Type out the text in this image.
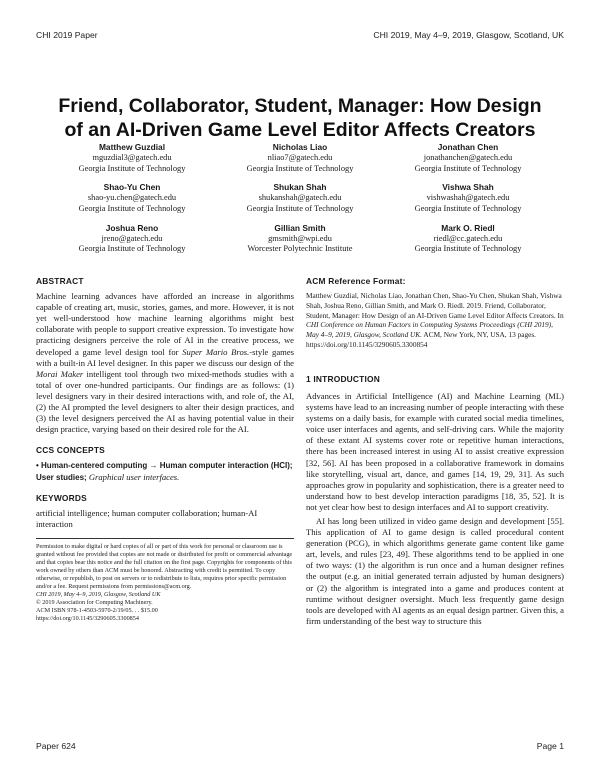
CHI 2019 Paper	CHI 2019, May 4–9, 2019, Glasgow, Scotland, UK
Friend, Collaborator, Student, Manager: How Design
of an AI-Driven Game Level Editor Affects Creators
Matthew Guzdial
mguzdial3@gatech.edu
Georgia Institute of Technology
Nicholas Liao
nliao7@gatech.edu
Georgia Institute of Technology
Jonathan Chen
jonathanchen@gatech.edu
Georgia Institute of Technology
Shao-Yu Chen
shao-yu.chen@gatech.edu
Georgia Institute of Technology
Shukan Shah
shukanshah@gatech.edu
Georgia Institute of Technology
Vishwa Shah
vishwashah@gatech.edu
Georgia Institute of Technology
Joshua Reno
jreno@gatech.edu
Georgia Institute of Technology
Gillian Smith
gmsmith@wpi.edu
Worcester Polytechnic Institute
Mark O. Riedl
riedl@cc.gatech.edu
Georgia Institute of Technology
ABSTRACT

Machine learning advances have afforded an increase in algorithms capable of creating art, music, stories, games, and more. However, it is not yet well-understood how machine learning algorithms might best collaborate with people to support creative expression. To investigate how practicing designers perceive the role of AI in the creative process, we developed a game level design tool for Super Mario Bros.-style games with a built-in AI level designer. In this paper we discuss our design of the Morai Maker intelligent tool through two mixed-methods studies with a total of over one-hundred participants. Our findings are as follows: (1) level designers vary in their desired interactions with, and role of, the AI, (2) the AI prompted the level designers to alter their design practices, and (3) the level designers perceived the AI as having potential value in their design practice, varying based on their desired role for the AI.

CCS CONCEPTS

• Human-centered computing → Human computer interaction (HCI); User studies; Graphical user interfaces.

KEYWORDS

artificial intelligence; human computer collaboration; human-AI interaction

Permission to make digital or hard copies of all or part of this work for personal or classroom use is granted without fee provided that copies are not made or distributed for profit or commercial advantage and that copies bear this notice and the full citation on the first page. Copyrights for components of this work owned by others than ACM must be honored. Abstracting with credit is permitted. To copy otherwise, or republish, to post on servers or to redistribute to lists, requires prior specific permission and/or a fee. Request permissions from permissions@acm.org.

CHI 2019, May 4–9, 2019, Glasgow, Scotland UK

© 2019 Association for Computing Machinery.

ACM ISBN 978-1-4503-5970-2/19/05. . . $15.00

https://doi.org/10.1145/3290605.3300854

ACM Reference Format:

Matthew Guzdial, Nicholas Liao, Jonathan Chen, Shao-Yu Chen, Shukan Shah, Vishwa Shah, Joshua Reno, Gillian Smith, and Mark O. Riedl. 2019. Friend, Collaborator, Student, Manager: How Design of an AI-Driven Game Level Editor Affects Creators. In CHI Conference on Human Factors in Computing Systems Proceedings (CHI 2019), May 4–9, 2019, Glasgow, Scotland UK. ACM, New York, NY, USA, 13 pages. https://doi.org/10.1145/3290605.3300854

1 INTRODUCTION

Advances in Artificial Intelligence (AI) and Machine Learning (ML) systems have lead to an increasing number of people interacting with these systems on a daily basis, for example with curated social media timelines, voice user interfaces and agents, and self-driving cars. While the majority of these extant AI systems cover rote or repetitive human interactions, there has been increased interest in using AI to assist creative expression [32, 56]. AI has been proposed in a collaborative framework in domains like storytelling, visual art, dance, and games [14, 19, 29, 31]. As such approaches grow in popularity and sophistication, there is a greater need to understand how to best develop interaction paradigms [18, 35, 52]. It is not yet clear how best to design interfaces and AI to support creativity.

AI has long been utilized in video game design and development [55]. This application of AI to game design is called procedural content generation (PCG), in which algorithms generate game content like game art, levels, and rules [23, 49]. These algorithms tend to be applied in one of two ways: (1) the algorithm is run once and a human designer refines the output (e.g. an initial generated terrain adjusted by human designers) or (2) the algorithm is integrated into a game and produces content at runtime without designer oversight. Much less frequently game design tools are developed with AI agents as an equal design partner. Given this, a firm understanding of the best way to structure this

Paper 624	Page 1
